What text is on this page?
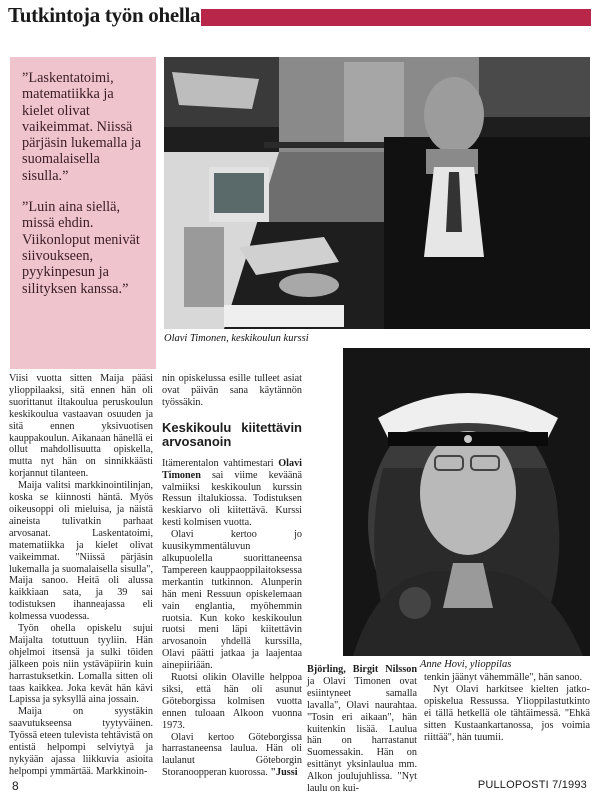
Tutkintoja työn ohella

”Laskentatoimi, matematiikka ja kielet olivat vaikeimmat. Niissä pärjäsin lukemalla ja suomalaisella sisulla.”

”Luin aina siellä, missä ehdin. Viikonloput menivät siivoukseen, pyykinpesun ja silityksen kanssa.”

Olavi Timonen, keskikoulun kurssi
Anne Hovi, ylioppilas

Viisi vuotta sitten Maija pääsi ylioppilaaksi, sitä ennen hän oli suorittanut iltakoulua peruskoulun keskikoulua vastaavan osuuden ja sitä ennen yksivuotisen kauppakoulun. Aikanaan hänellä ei ollut mahdollisuutta opiskella, mutta nyt hän on sinnikkäästi korjannut tilanteen.

Maija valitsi markkinointilinjan, koska se kiinnosti häntä. Myös oikeusoppi oli mieluisa, ja näistä aineista tulivatkin parhaat arvosanat. Laskentatoimi, matematiikka ja kielet olivat vaikeimmat. "Niissä pärjäsin lukemalla ja suomalaisella sisulla", Maija sanoo. Heitä oli alussa kaikkiaan sata, ja 39 sai todistuksen ihanneajassa eli kolmessa vuodessa.

Työn ohella opiskelu sujui Maijalta totuttuun tyyliin. Hän ohjelmoi itsensä ja sulki töiden jälkeen pois niin ystäväpiirin kuin harrastuksetkin. Lomalla sitten oli taas kaikkea. Joka kevät hän kävi Lapissa ja syksyllä aina jossain.

Maija on syystäkin saavutukseensa tyytyväinen. Työssä eteen tulevista tehtävistä on entistä helpompi selviytyä ja nykyään ajassa liikkuvia asioita helpompi ymmärtää. Markkinoin-

nin opiskelussa esille tulleet asiat ovat päivän sana käytännön työssäkin.

Keskikoulu kiitettävin arvosanoin

Itämerentalon vahtimestari Olavi Timonen sai viime keväänä valmiiksi keskikoulun kurssin Ressun iltalukiossa. Todistuksen keskiarvo oli kiitettävä. Kurssi kesti kolmisen vuotta.

Olavi kertoo jo kuusikymmentäluvun alkupuolella suorittaneensa Tampereen kauppaoppilaitoksessa merkantin tutkinnon. Alunperin hän meni Ressuun opiskelemaan vain englantia, myöhemmin ruotsia. Kun koko keskikoulun ruotsi meni läpi kiitettävin arvosanoin yhdellä kurssilla, Olavi päätti jatkaa ja laajentaa ainepiiriään.

Ruotsi olikin Olaville helppoa siksi, että hän oli asunut Göteborgissa kolmisen vuotta ennen tuloaan Alkoon vuonna 1973.

Olavi kertoo Göteborgissa harrastaneensa laulua. Hän oli laulanut Göteborgin Storanoopperan kuorossa. "Jussi

Björling, Birgit Nilsson ja Olavi Timonen ovat esiintyneet samalla lavalla", Olavi naurahtaa. "Tosin eri aikaan", hän kuitenkin lisää. Laulua hän on harrastanut Suomessakin. Hän on esittänyt yksinlaulua mm. Alkon joulujuhlissa. "Nyt laulu on kui-

tenkin jäänyt vähemmälle", hän sanoo.

Nyt Olavi harkitsee kielten jatko-opiskelua Ressussa. Ylioppilastutkinto ei tällä hetkellä ole tähtäimessä. "Ehkä sitten Kustaankartanossa, jos voimia riittää", hän tuumii.

8	PULLOPOSTI 7/1993
